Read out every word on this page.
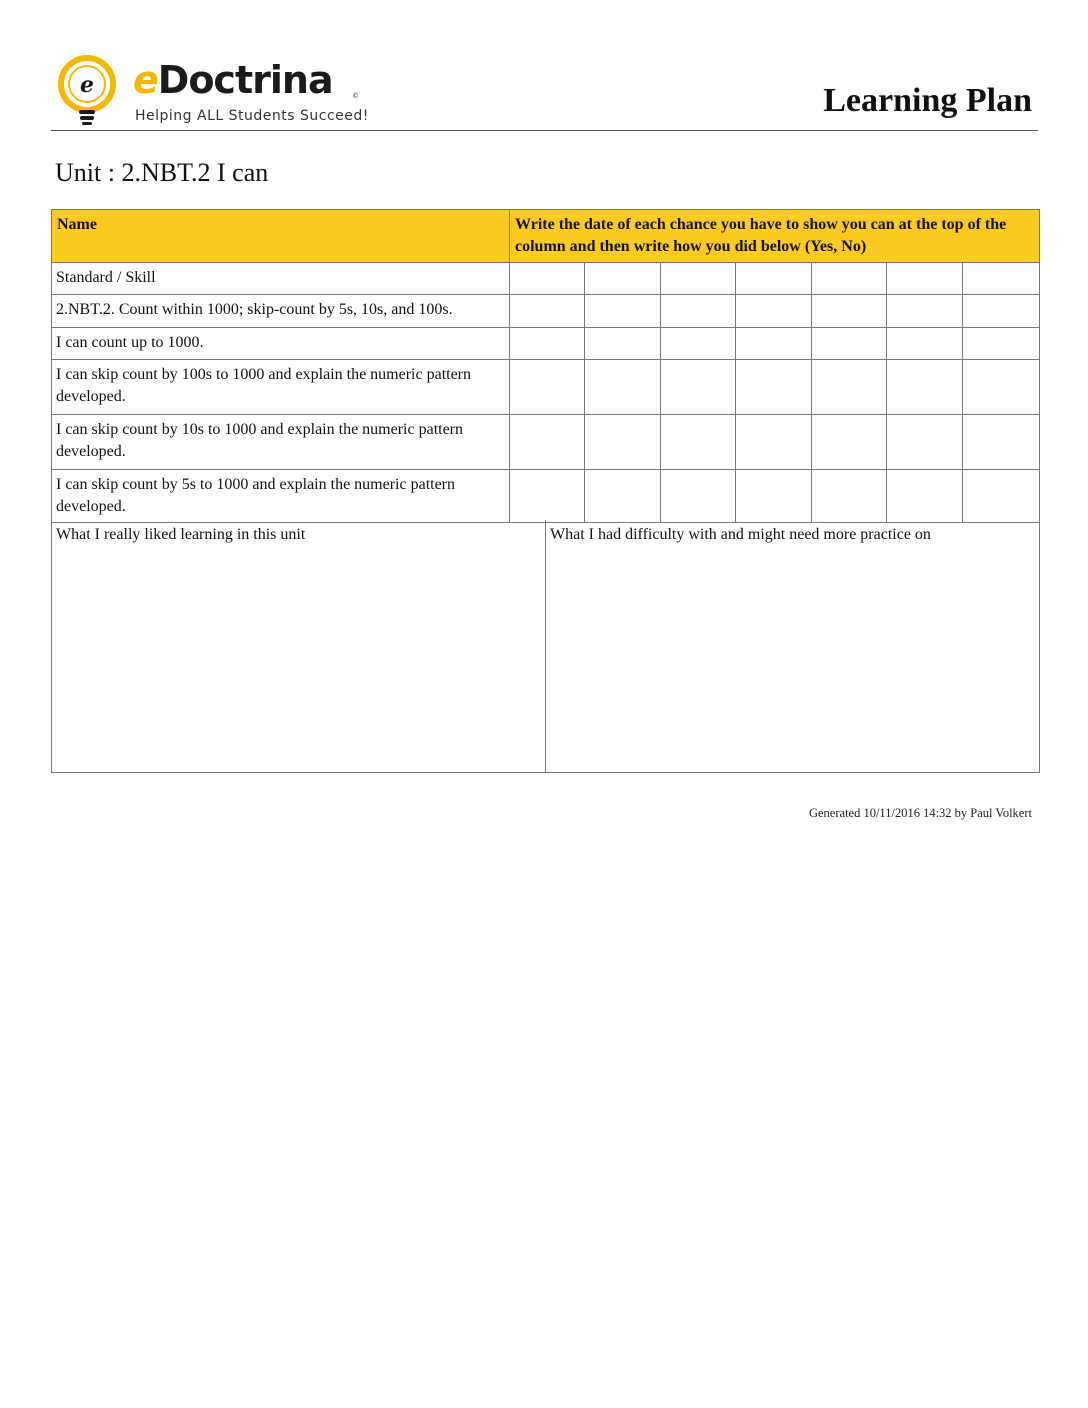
e eDoctrina	©
Helping ALL Students Succeed!	Learning Plan
Unit : 2.NBT.2 I can
Name	Write the date of each chance you have to show you can at the top of the column and then write how you did below (Yes, No)						
Standard / Skill							
2.NBT.2. Count within 1000; skip-count by 5s, 10s, and 100s.							
I can count up to 1000.							
I can skip count by 100s to 1000 and explain the numeric pattern developed.							
I can skip count by 10s to 1000 and explain the numeric pattern developed.							
I can skip count by 5s to 1000 and explain the numeric pattern developed.							
What I really liked learning in this unit	What I had difficulty with and might need more practice on
Generated 10/11/2016 14:32 by Paul Volkert
